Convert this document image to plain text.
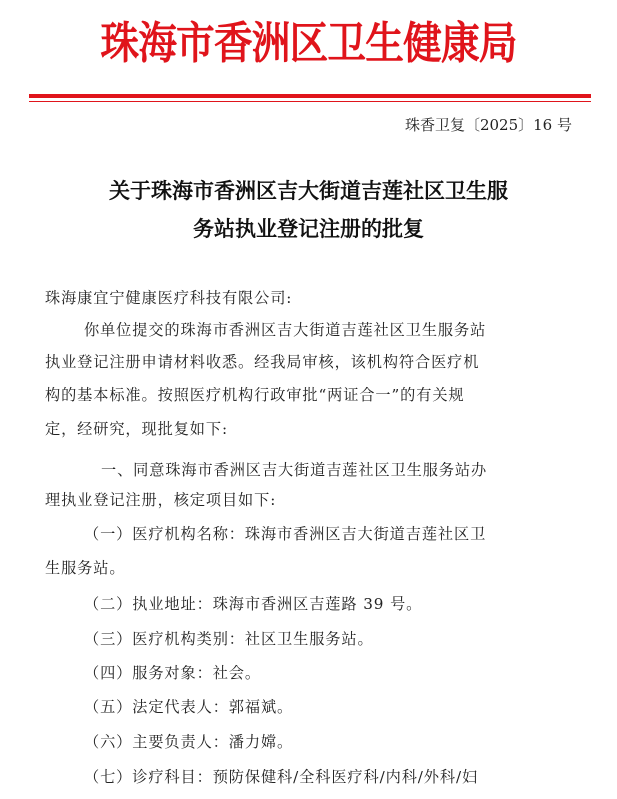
珠海市香洲区卫生健康局
珠香卫复〔2025〕16 号
关于珠海市香洲区吉大街道吉莲社区卫生服
务站执业登记注册的批复
珠海康宜宁健康医疗科技有限公司:
你单位提交的珠海市香洲区吉大街道吉莲社区卫生服务站
执业登记注册申请材料收悉。经我局审核，该机构符合医疗机
构的基本标准。按照医疗机构行政审批“两证合一”的有关规
定，经研究，现批复如下:
一、同意珠海市香洲区吉大街道吉莲社区卫生服务站办
理执业登记注册，核定项目如下:
（一）医疗机构名称：珠海市香洲区吉大街道吉莲社区卫
生服务站。
（二）执业地址：珠海市香洲区吉莲路 39 号。
（三）医疗机构类别：社区卫生服务站。
（四）服务对象：社会。
（五）法定代表人：郭福斌。
（六）主要负责人：潘力嫦。
（七）诊疗科目：预防保健科/全科医疗科/内科/外科/妇
